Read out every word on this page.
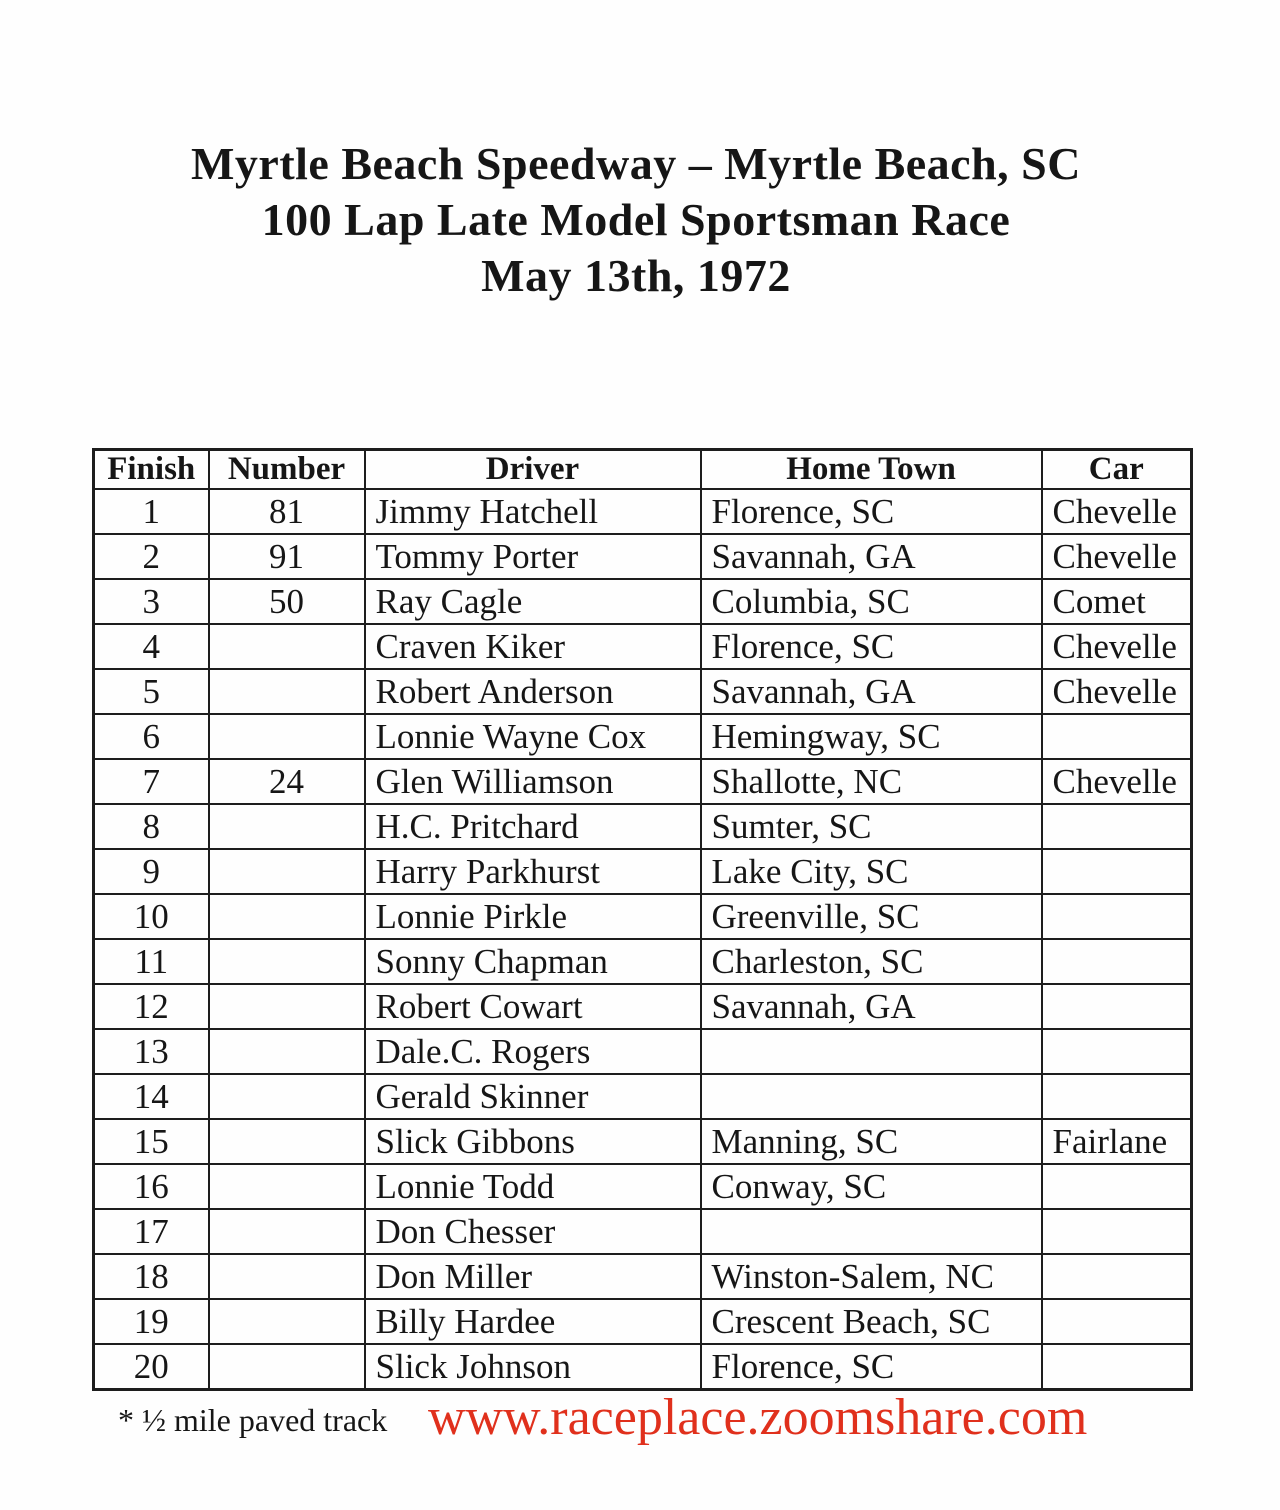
Myrtle Beach Speedway – Myrtle Beach, SC
100 Lap Late Model Sportsman Race
May 13th, 1972
Finish	Number	Driver	Home Town	Car
1	81	Jimmy Hatchell	Florence, SC	Chevelle
2	91	Tommy Porter	Savannah, GA	Chevelle
3	50	Ray Cagle	Columbia, SC	Comet
4		Craven Kiker	Florence, SC	Chevelle
5		Robert Anderson	Savannah, GA	Chevelle
6		Lonnie Wayne Cox	Hemingway, SC	
7	24	Glen Williamson	Shallotte, NC	Chevelle
8		H.C. Pritchard	Sumter, SC	
9		Harry Parkhurst	Lake City, SC	
10		Lonnie Pirkle	Greenville, SC	
11		Sonny Chapman	Charleston, SC	
12		Robert Cowart	Savannah, GA	
13		Dale.C. Rogers		
14		Gerald Skinner		
15		Slick Gibbons	Manning, SC	Fairlane
16		Lonnie Todd	Conway, SC	
17		Don Chesser		
18		Don Miller	Winston-Salem, NC	
19		Billy Hardee	Crescent Beach, SC	
20		Slick Johnson	Florence, SC	
* ½ mile paved track www.raceplace.zoomshare.com
